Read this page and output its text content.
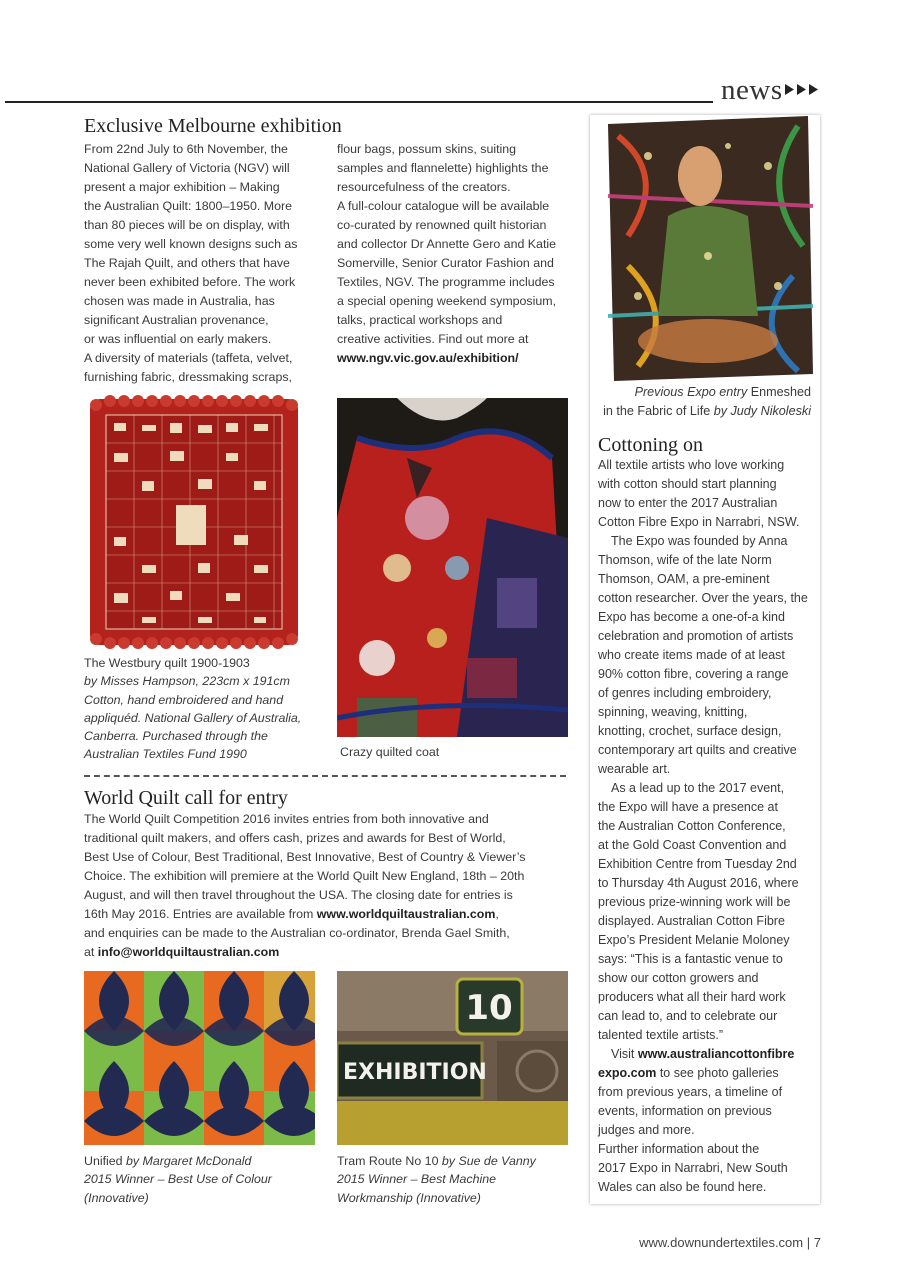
news
Exclusive Melbourne exhibition

From 22nd July to 6th November, the

National Gallery of Victoria (NGV) will

present a major exhibition – Making

the Australian Quilt: 1800–1950. More

than 80 pieces will be on display, with

some very well known designs such as

The Rajah Quilt, and others that have

never been exhibited before. The work

chosen was made in Australia, has

significant Australian provenance,

or was influential on early makers.

A diversity of materials (taffeta, velvet,

furnishing fabric, dressmaking scraps,

flour bags, possum skins, suiting

samples and flannelette) highlights the

resourcefulness of the creators.

A full-colour catalogue will be available

co-curated by renowned quilt historian

and collector Dr Annette Gero and Katie

Somerville, Senior Curator Fashion and

Textiles, NGV. The programme includes

a special opening weekend symposium,

talks, practical workshops and

creative activities. Find out more at

www.ngv.vic.gov.au/exhibition/

The Westbury quilt 1900-1903
by Misses Hampson, 223cm x 191cm
Cotton, hand embroidered and hand
appliquéd. National Gallery of Australia,
Canberra. Purchased through the
Australian Textiles Fund 1990	Crazy quilted coat
World Quilt call for entry

The World Quilt Competition 2016 invites entries from both innovative and

traditional quilt makers, and offers cash, prizes and awards for Best of World,

Best Use of Colour, Best Traditional, Best Innovative, Best of Country & Viewer’s

Choice. The exhibition will premiere at the World Quilt New England, 18th – 20th

August, and will then travel throughout the USA. The closing date for entries is

16th May 2016. Entries are available from www.worldquiltaustralian.com,

and enquiries can be made to the Australian co-ordinator, Brenda Gael Smith,

at info@worldquiltaustralian.com

Unified by Margaret McDonald
2015 Winner – Best Use of Colour
(Innovative)
10
EXHIBITION
Tram Route No 10 by Sue de Vanny
2015 Winner – Best Machine
Workmanship (Innovative)
Previous Expo entry Enmeshed
in the Fabric of Life by Judy Nikoleski
Cottoning on

All textile artists who love working

with cotton should start planning

now to enter the 2017 Australian

Cotton Fibre Expo in Narrabri, NSW.

The Expo was founded by Anna

Thomson, wife of the late Norm

Thomson, OAM, a pre-eminent

cotton researcher. Over the years, the

Expo has become a one-of-a kind

celebration and promotion of artists

who create items made of at least

90% cotton fibre, covering a range

of genres including embroidery,

spinning, weaving, knitting,

knotting, crochet, surface design,

contemporary art quilts and creative

wearable art.

As a lead up to the 2017 event,

the Expo will have a presence at

the Australian Cotton Conference,

at the Gold Coast Convention and

Exhibition Centre from Tuesday 2nd

to Thursday 4th August 2016, where

previous prize-winning work will be

displayed. Australian Cotton Fibre

Expo’s President Melanie Moloney

says: “This is a fantastic venue to

show our cotton growers and

producers what all their hard work

can lead to, and to celebrate our

talented textile artists.”

Visit www.australiancottonfibre

expo.com to see photo galleries

from previous years, a timeline of

events, information on previous

judges and more.

Further information about the

2017 Expo in Narrabri, New South

Wales can also be found here.

www.downundertextiles.com | 7
